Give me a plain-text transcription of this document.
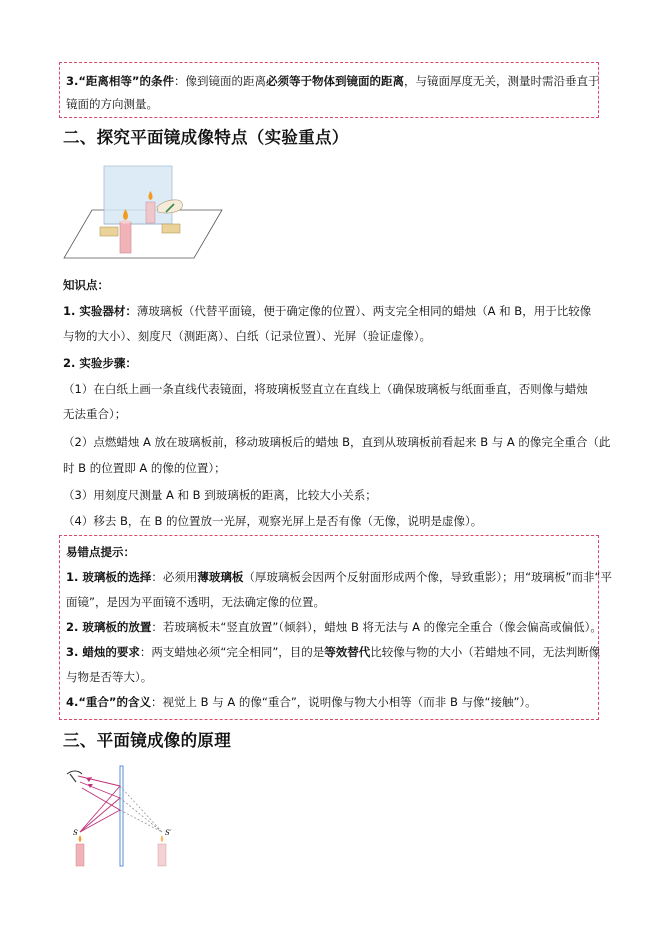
3.“距离相等”的条件：像到镜面的距离必须等于物体到镜面的距离，与镜面厚度无关，测量时需沿垂直于
镜面的方向测量。
二、探究平面镜成像特点（实验重点）
知识点：
1. 实验器材：薄玻璃板（代替平面镜，便于确定像的位置）、两支完全相同的蜡烛（A 和 B，用于比较像
与物的大小）、刻度尺（测距离）、白纸（记录位置）、光屏（验证虚像）。
2. 实验步骤：
（1）在白纸上画一条直线代表镜面，将玻璃板竖直立在直线上（确保玻璃板与纸面垂直，否则像与蜡烛
无法重合）；
（2）点燃蜡烛 A 放在玻璃板前，移动玻璃板后的蜡烛 B，直到从玻璃板前看起来 B 与 A 的像完全重合（此
时 B 的位置即 A 的像的位置）；
（3）用刻度尺测量 A 和 B 到玻璃板的距离，比较大小关系；
（4）移去 B，在 B 的位置放一光屏，观察光屏上是否有像（无像，说明是虚像）。
易错点提示：
1. 玻璃板的选择：必须用薄玻璃板（厚玻璃板会因两个反射面形成两个像，导致重影）；用“玻璃板”而非“平
面镜”，是因为平面镜不透明，无法确定像的位置。
2. 玻璃板的放置：若玻璃板未“竖直放置”（倾斜），蜡烛 B 将无法与 A 的像完全重合（像会偏高或偏低）。
3. 蜡烛的要求：两支蜡烛必须“完全相同”，目的是等效替代比较像与物的大小（若蜡烛不同，无法判断像
与物是否等大）。
4.“重合”的含义：视觉上 B 与 A 的像“重合”，说明像与物大小相等（而非 B 与像“接触”）。
三、平面镜成像的原理
S	S′
